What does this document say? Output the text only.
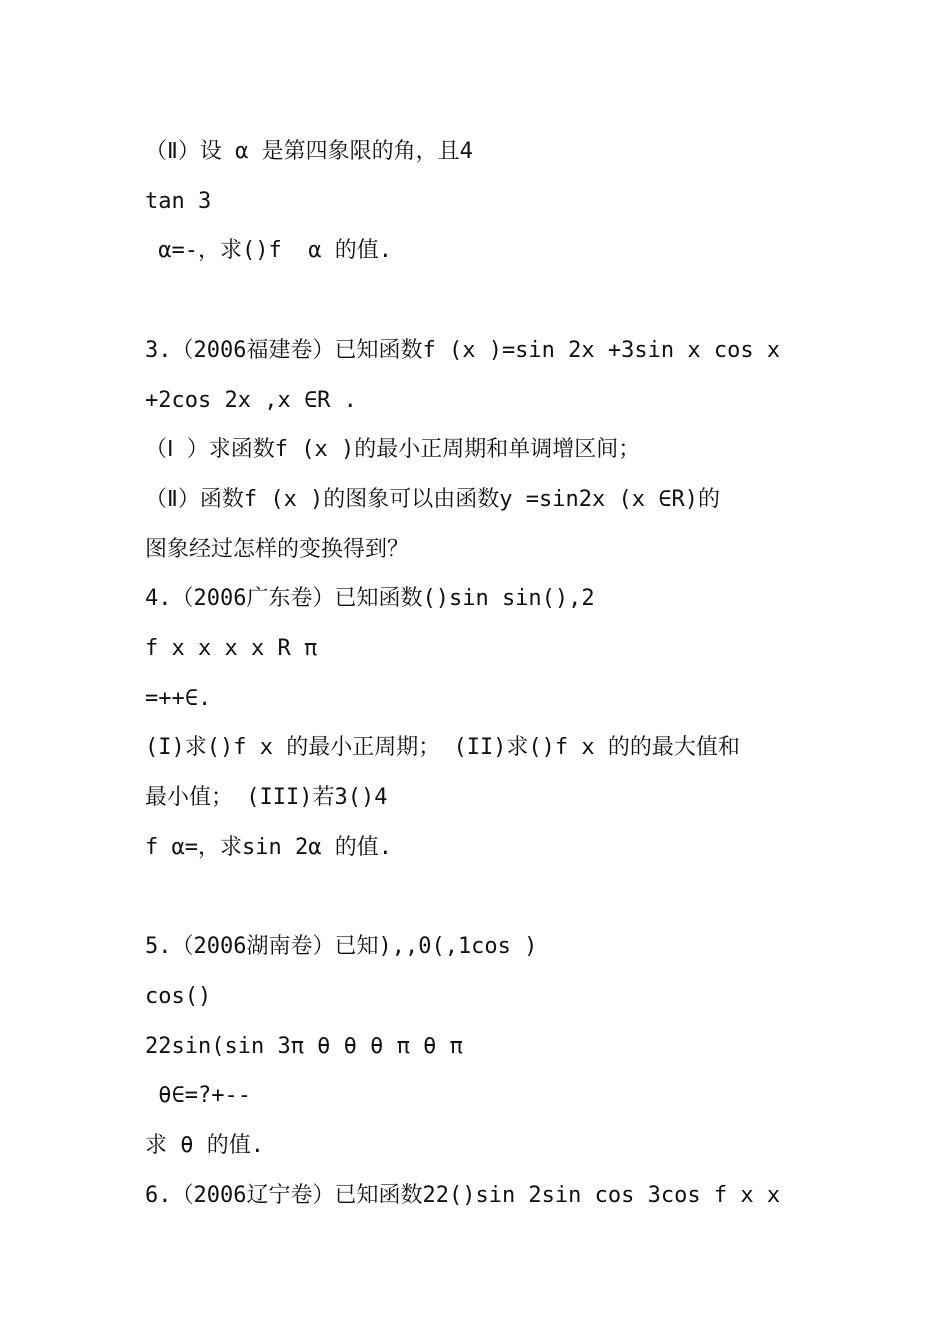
（Ⅱ）设 α 是第四象限的角，且4
tan 3
α=-，求()f  α 的值.
3.（2006福建卷）已知函数f (x )=sin 2x +3sin x cos x
+2cos 2x ,x ∈R .
（Ⅰ ）求函数f (x )的最小正周期和单调增区间；
（Ⅱ）函数f (x )的图象可以由函数y =sin2x (x ∈R)的
图象经过怎样的变换得到？
4.（2006广东卷）已知函数()sin sin(),2
f x x x x R π
=++∈.
(I)求()f x 的最小正周期； (II)求()f x 的的最大值和
最小值； (III)若3()4
f α=，求sin 2α 的值.
5.（2006湖南卷）已知),,0(,1cos )
cos()
22sin(sin 3π θ θ θ π θ π
θ∈=?+--
求 θ 的值.
6.（2006辽宁卷）已知函数22()sin 2sin cos 3cos f x x
